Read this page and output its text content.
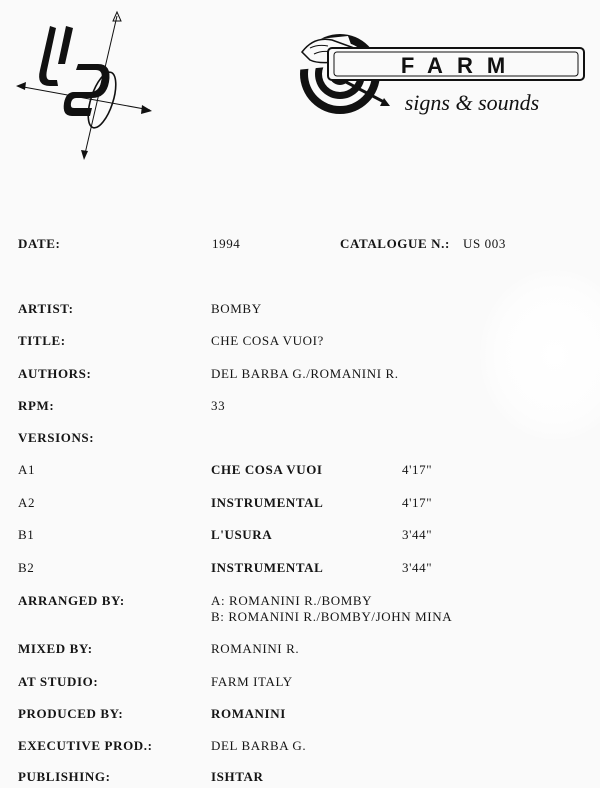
US
FARM
signs & sounds
DATE:	1994	CATALOGUE N.: US 003
ARTIST:	BOMBY
TITLE:	CHE COSA VUOI?
AUTHORS:	DEL BARBA G./ROMANINI R.
RPM:	33
VERSIONS:
A1	CHE COSA VUOI	4'17"
A2	INSTRUMENTAL	4'17"
B1	L'USURA	3'44"
B2	INSTRUMENTAL	3'44"
ARRANGED BY:	A: ROMANINI R./BOMBY
B: ROMANINI R./BOMBY/JOHN MINA
MIXED BY:	ROMANINI R.
AT STUDIO:	FARM ITALY
PRODUCED BY:	ROMANINI
EXECUTIVE PROD.:	DEL BARBA G.
PUBLISHING:	ISHTAR
